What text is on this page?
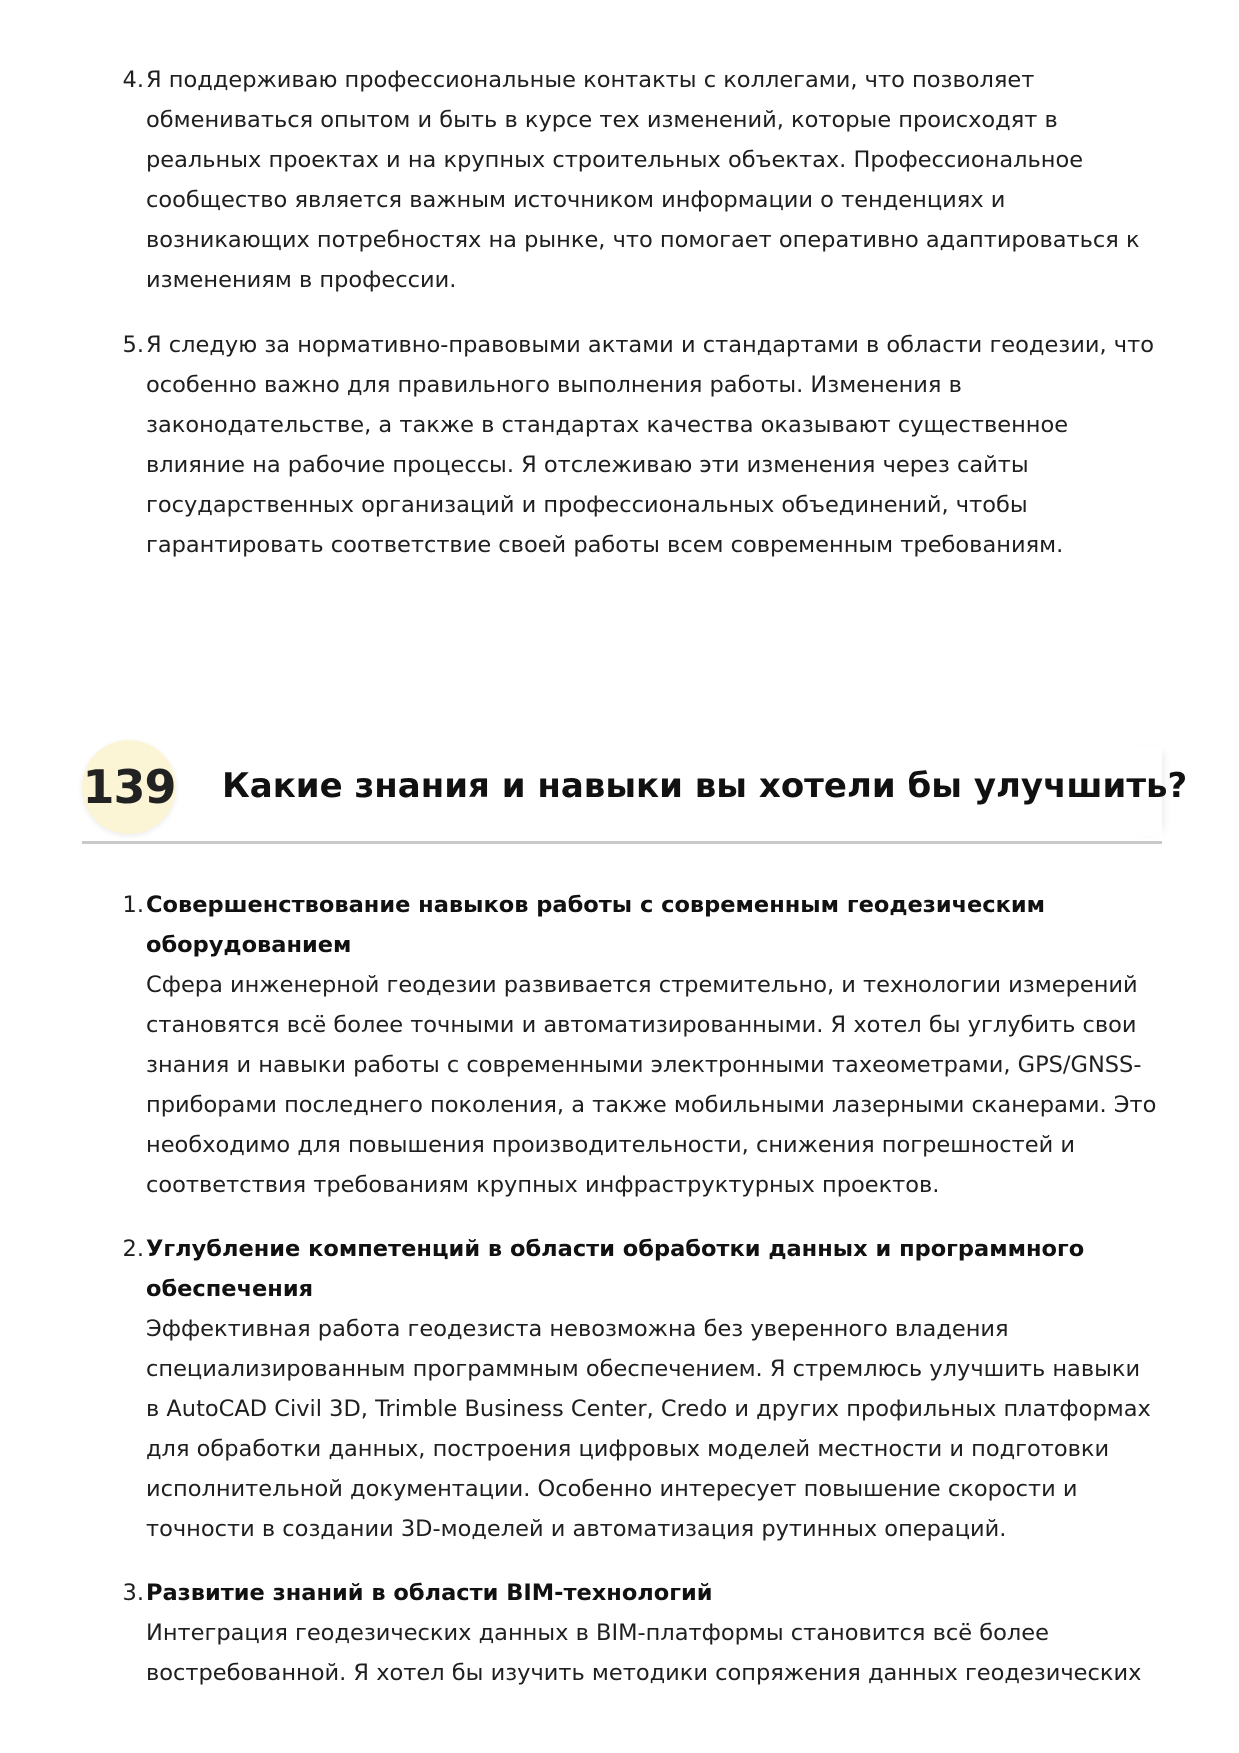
4 . Я поддерживаю профессиональные контакты с коллегами, что позволяет обмениваться опытом и быть в курсе тех изменений, которые происходят в реальных проектах и на крупных строительных объектах. Профессиональное сообщество является важным источником информации о тенденциях и возникающих потребностях на рынке, что помогает оперативно адаптироваться к изменениям в профессии.
5 . Я следую за нормативно-правовыми актами и стандартами в области геодезии, что особенно важно для правильного выполнения работы. Изменения в законодательстве, а также в стандартах качества оказывают существенное влияние на рабочие процессы. Я отслеживаю эти изменения через сайты государственных организаций и профессиональных объединений, чтобы гарантировать соответствие своей работы всем современным требованиям.
139 Какие знания и навыки вы хотели бы улучшить?
1 . Совершенствование навыков работы с современным геодезическим оборудованием
Сфера инженерной геодезии развивается стремительно, и технологии измерений становятся всё более точными и автоматизированными. Я хотел бы углубить свои знания и навыки работы с современными электронными тахеометрами, GPS/GNSS-приборами последнего поколения, а также мобильными лазерными сканерами. Это необходимо для повышения производительности, снижения погрешностей и соответствия требованиям крупных инфраструктурных проектов.
2 . Углубление компетенций в области обработки данных и программного обеспечения
Эффективная работа геодезиста невозможна без уверенного владения специализированным программным обеспечением. Я стремлюсь улучшить навыки в AutoCAD Civil 3D, Trimble Business Center, Credo и других профильных платформах для обработки данных, построения цифровых моделей местности и подготовки исполнительной документации. Особенно интересует повышение скорости и точности в создании 3D-моделей и автоматизация рутинных операций.
3 . Развитие знаний в области BIM-технологий
Интеграция геодезических данных в BIM-платформы становится всё более востребованной. Я хотел бы изучить методики сопряжения данных геодезических
